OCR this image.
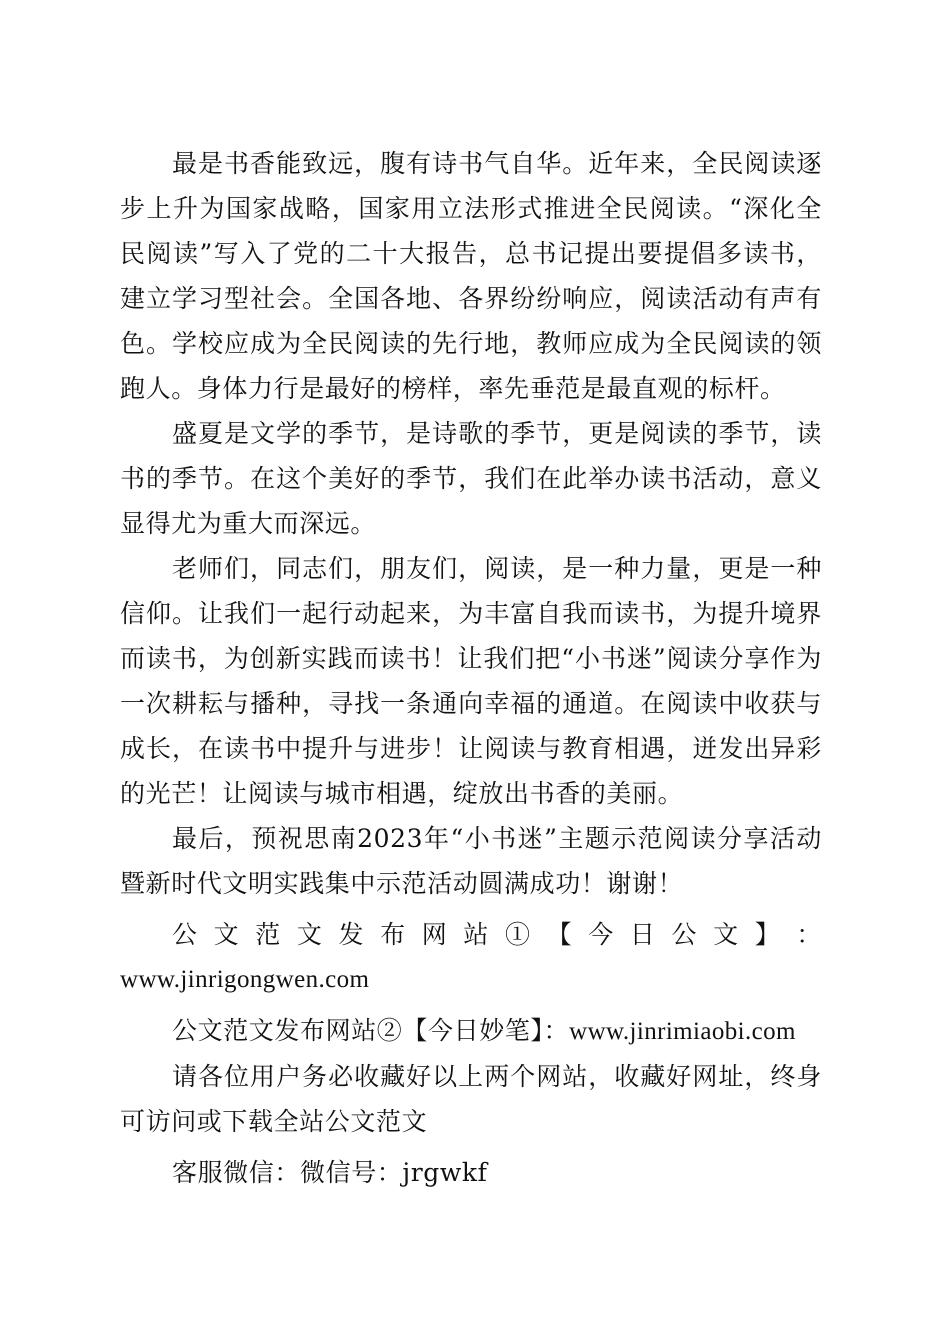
最是书香能致远，腹有诗书气自华。近年来，全民阅读逐步上升为国家战略，国家用立法形式推进全民阅读。“深化全民阅读”写入了党的二十大报告，总书记提出要提倡多读书，建立学习型社会。全国各地、各界纷纷响应，阅读活动有声有色。学校应成为全民阅读的先行地，教师应成为全民阅读的领跑人。身体力行是最好的榜样，率先垂范是最直观的标杆。

盛夏是文学的季节，是诗歌的季节，更是阅读的季节，读书的季节。在这个美好的季节，我们在此举办读书活动，意义显得尤为重大而深远。

老师们，同志们，朋友们，阅读，是一种力量，更是一种信仰。让我们一起行动起来，为丰富自我而读书，为提升境界而读书，为创新实践而读书！让我们把“小书迷”阅读分享作为一次耕耘与播种，寻找一条通向幸福的通道。在阅读中收获与成长，在读书中提升与进步！让阅读与教育相遇，迸发出异彩的光芒！让阅读与城市相遇，绽放出书香的美丽。

最后，预祝思南2023年“小书迷”主题示范阅读分享活动暨新时代文明实践集中示范活动圆满成功！谢谢！

公 文 范 文 发 布 网 站 ① 【 今 日 公 文 】 ：

www.jinrigongwen.com

公文范文发布网站②【今日妙笔】：www.jinrimiaobi.com

请各位用户务必收藏好以上两个网站，收藏好网址，终身可访问或下载全站公文范文

客服微信：微信号：jrgwkf
